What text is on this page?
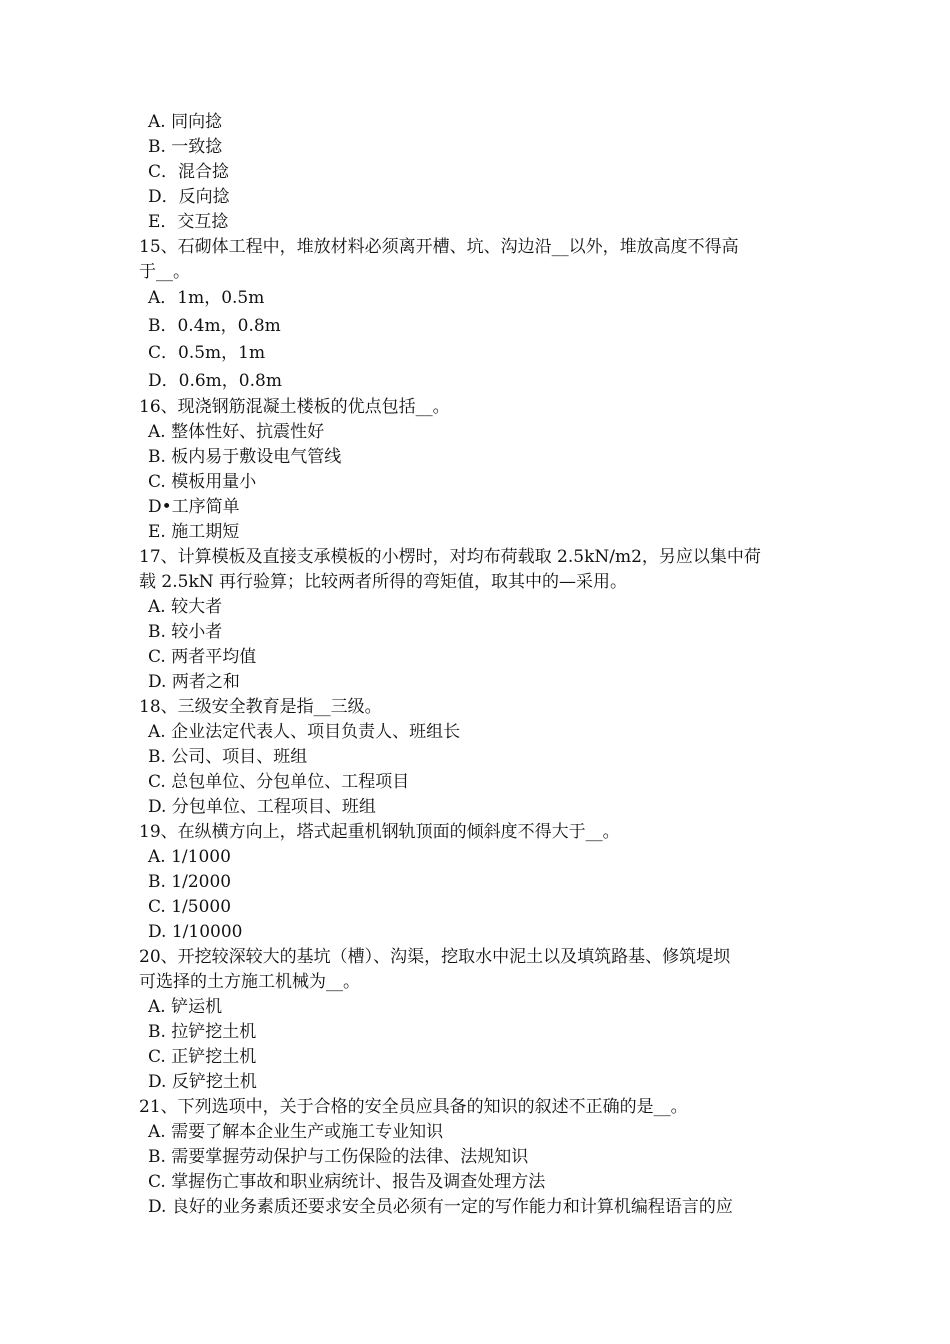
A. 同向捻
B. 一致捻
C．混合捻
D．反向捻
E．交互捻
15、石砌体工程中，堆放材料必须离开槽、坑、沟边沿__以外，堆放高度不得高
于__。
A．1m，0.5m
B．0.4m，0.8m
C．0.5m，1m
D．0.6m，0.8m
16、现浇钢筋混凝土楼板的优点包括__。
A. 整体性好、抗震性好
B. 板内易于敷设电气管线
C. 模板用量小
D•工序简单
E. 施工期短
17、计算模板及直接支承模板的小楞时，对均布荷载取 2.5kN/m2，另应以集中荷
载 2.5kN 再行验算；比较两者所得的弯矩值，取其中的—采用。
A. 较大者
B. 较小者
C. 两者平均值
D. 两者之和
18、三级安全教育是指__三级。
A. 企业法定代表人、项目负责人、班组长
B. 公司、项目、班组
C. 总包单位、分包单位、工程项目
D. 分包单位、工程项目、班组
19、在纵横方向上，塔式起重机钢轨顶面的倾斜度不得大于__。
A. 1/1000
B. 1/2000
C. 1/5000
D. 1/10000
20、开挖较深较大的基坑（槽）、沟渠，挖取水中泥土以及填筑路基、修筑堤坝
可选择的土方施工机械为__。
A. 铲运机
B. 拉铲挖土机
C. 正铲挖土机
D. 反铲挖土机
21、下列选项中，关于合格的安全员应具备的知识的叙述不正确的是__。
A. 需要了解本企业生产或施工专业知识
B. 需要掌握劳动保护与工伤保险的法律、法规知识
C. 掌握伤亡事故和职业病统计、报告及调查处理方法
D. 良好的业务素质还要求安全员必须有一定的写作能力和计算机编程语言的应
